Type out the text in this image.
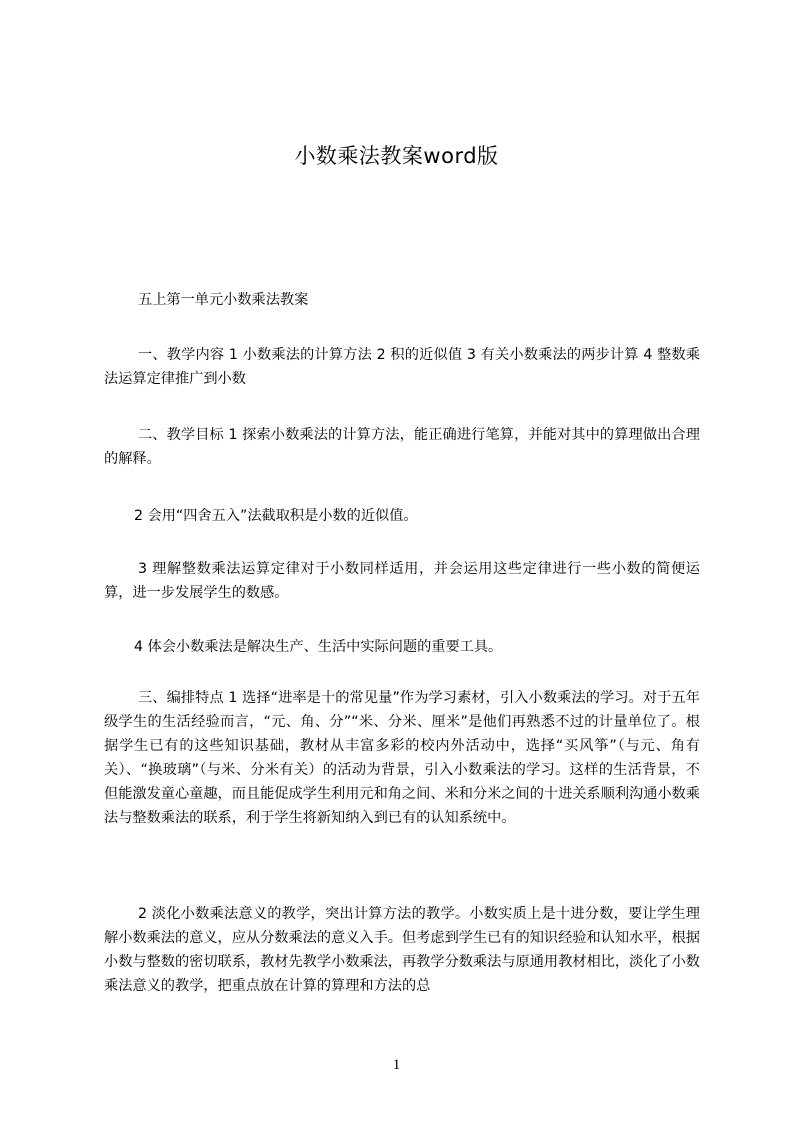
小数乘法教案word版

五上第一单元小数乘法教案

一、教学内容 1 小数乘法的计算方法 2 积的近似值 3 有关小数乘法的两步计算 4 整数乘法运算定律推广到小数

二、教学目标 1 探索小数乘法的计算方法，能正确进行笔算，并能对其中的算理做出合理的解释。

2 会用“四舍五入”法截取积是小数的近似值。

3 理解整数乘法运算定律对于小数同样适用，并会运用这些定律进行一些小数的简便运算，进一步发展学生的数感。

4 体会小数乘法是解决生产、生活中实际问题的重要工具。

三、编排特点 1 选择“进率是十的常见量”作为学习素材，引入小数乘法的学习。对于五年级学生的生活经验而言，“元、角、分”“米、分米、厘米”是他们再熟悉不过的计量单位了。根据学生已有的这些知识基础，教材从丰富多彩的校内外活动中，选择“买风筝”（与元、角有关）、“换玻璃”（与米、分米有关）的活动为背景，引入小数乘法的学习。这样的生活背景，不但能激发童心童趣，而且能促成学生利用元和角之间、米和分米之间的十进关系顺利沟通小数乘法与整数乘法的联系，利于学生将新知纳入到已有的认知系统中。

2 淡化小数乘法意义的教学，突出计算方法的教学。小数实质上是十进分数，要让学生理解小数乘法的意义，应从分数乘法的意义入手。但考虑到学生已有的知识经验和认知水平，根据小数与整数的密切联系，教材先教学小数乘法，再教学分数乘法与原通用教材相比，淡化了小数乘法意义的教学，把重点放在计算的算理和方法的总

1
